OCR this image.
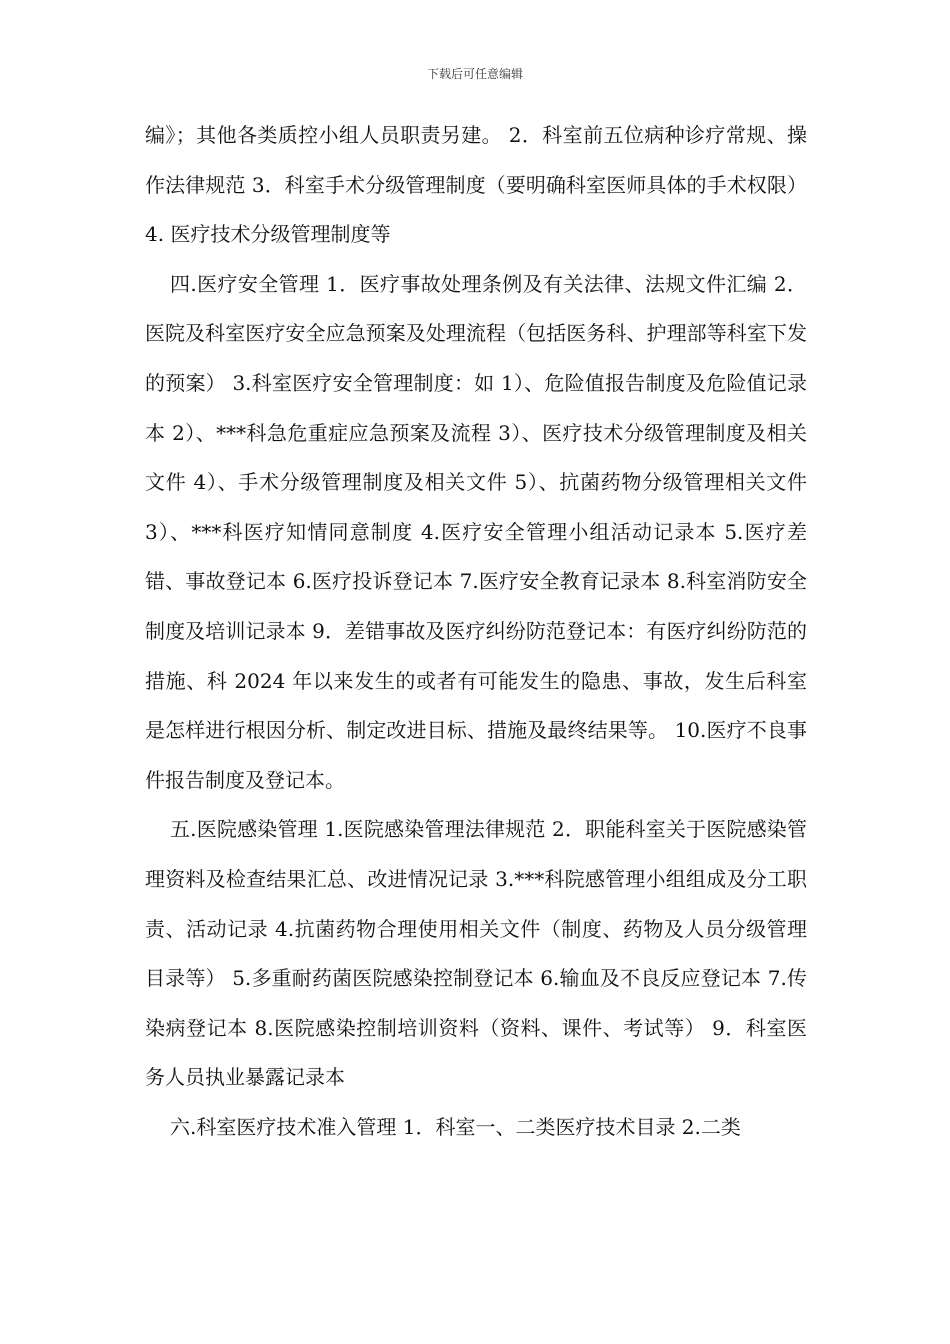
下载后可任意编辑

编》；其他各类质控小组人员职责另建。 2．科室前五位病种诊疗常规、操作法律规范 3．科室手术分级管理制度（要明确科室医师具体的手术权限） 4. 医疗技术分级管理制度等

四.医疗安全管理 1．医疗事故处理条例及有关法律、法规文件汇编 2．医院及科室医疗安全应急预案及处理流程（包括医务科、护理部等科室下发的预案） 3.科室医疗安全管理制度：如 1）、危险值报告制度及危险值记录本 2）、***科急危重症应急预案及流程 3）、医疗技术分级管理制度及相关文件 4）、手术分级管理制度及相关文件 5）、抗菌药物分级管理相关文件 3）、***科医疗知情同意制度 4.医疗安全管理小组活动记录本 5.医疗差错、事故登记本 6.医疗投诉登记本 7.医疗安全教育记录本 8.科室消防安全制度及培训记录本 9．差错事故及医疗纠纷防范登记本：有医疗纠纷防范的措施、科 2024 年以来发生的或者有可能发生的隐患、事故，发生后科室是怎样进行根因分析、制定改进目标、措施及最终结果等。 10.医疗不良事件报告制度及登记本。

五.医院感染管理 1.医院感染管理法律规范 2．职能科室关于医院感染管理资料及检查结果汇总、改进情况记录 3.***科院感管理小组组成及分工职责、活动记录 4.抗菌药物合理使用相关文件（制度、药物及人员分级管理目录等） 5.多重耐药菌医院感染控制登记本 6.输血及不良反应登记本 7.传染病登记本 8.医院感染控制培训资料（资料、课件、考试等） 9．科室医务人员执业暴露记录本

六.科室医疗技术准入管理 1．科室一、二类医疗技术目录 2.二类
